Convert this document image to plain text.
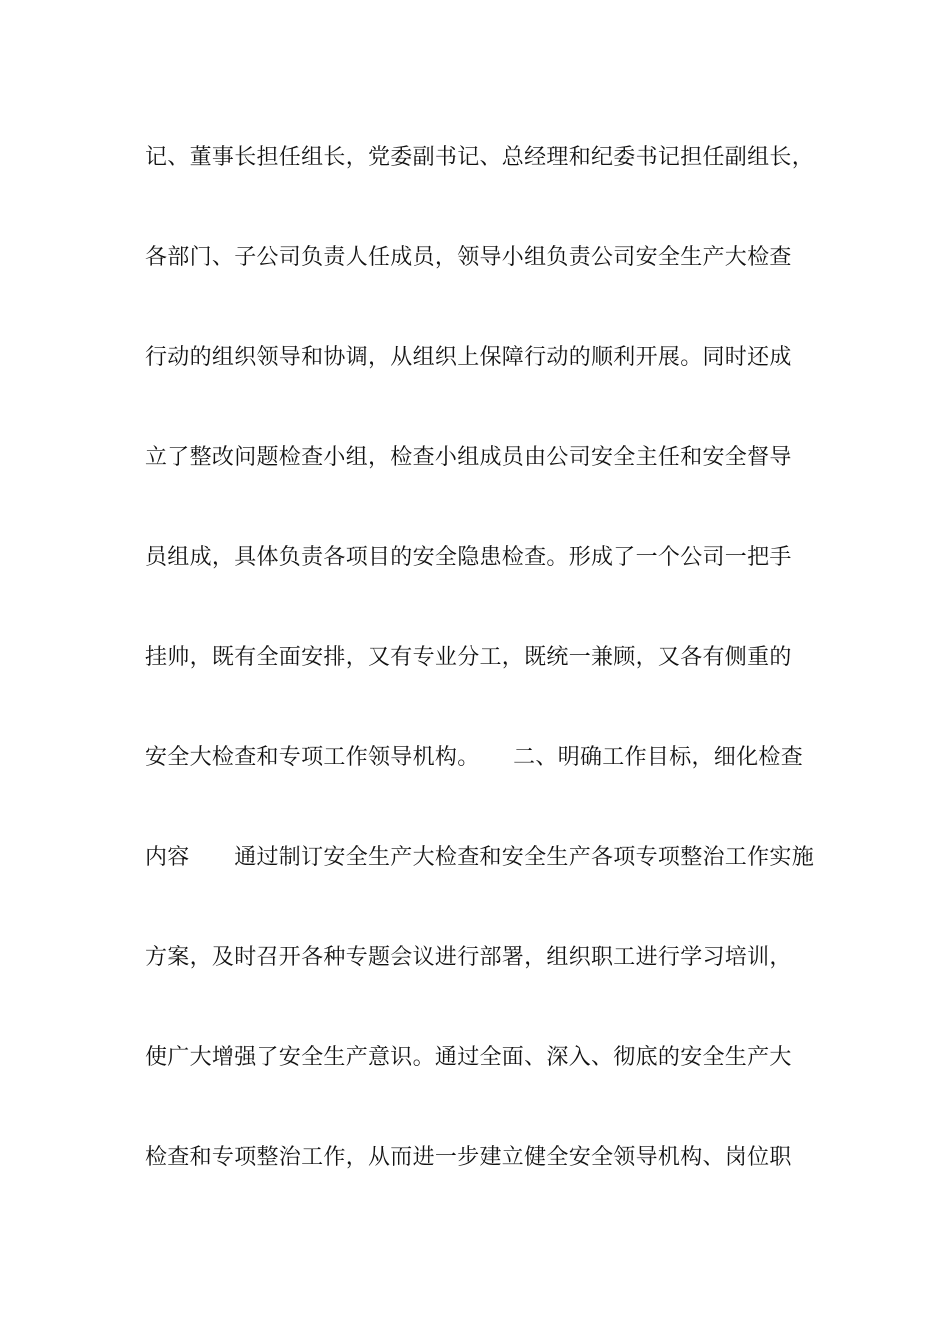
记、董事长担任组长，党委副书记、总经理和纪委书记担任副组长，
各部门、子公司负责人任成员，领导小组负责公司安全生产大检查
行动的组织领导和协调，从组织上保障行动的顺利开展。同时还成
立了整改问题检查小组，检查小组成员由公司安全主任和安全督导
员组成，具体负责各项目的安全隐患检查。形成了一个公司一把手
挂帅，既有全面安排，又有专业分工，既统一兼顾，又各有侧重的
安全大检查和专项工作领导机构。　　二、明确工作目标，细化检查
内容　　通过制订安全生产大检查和安全生产各项专项整治工作实施
方案，及时召开各种专题会议进行部署，组织职工进行学习培训，
使广大增强了安全生产意识。通过全面、深入、彻底的安全生产大
检查和专项整治工作，从而进一步建立健全安全领导机构、岗位职
